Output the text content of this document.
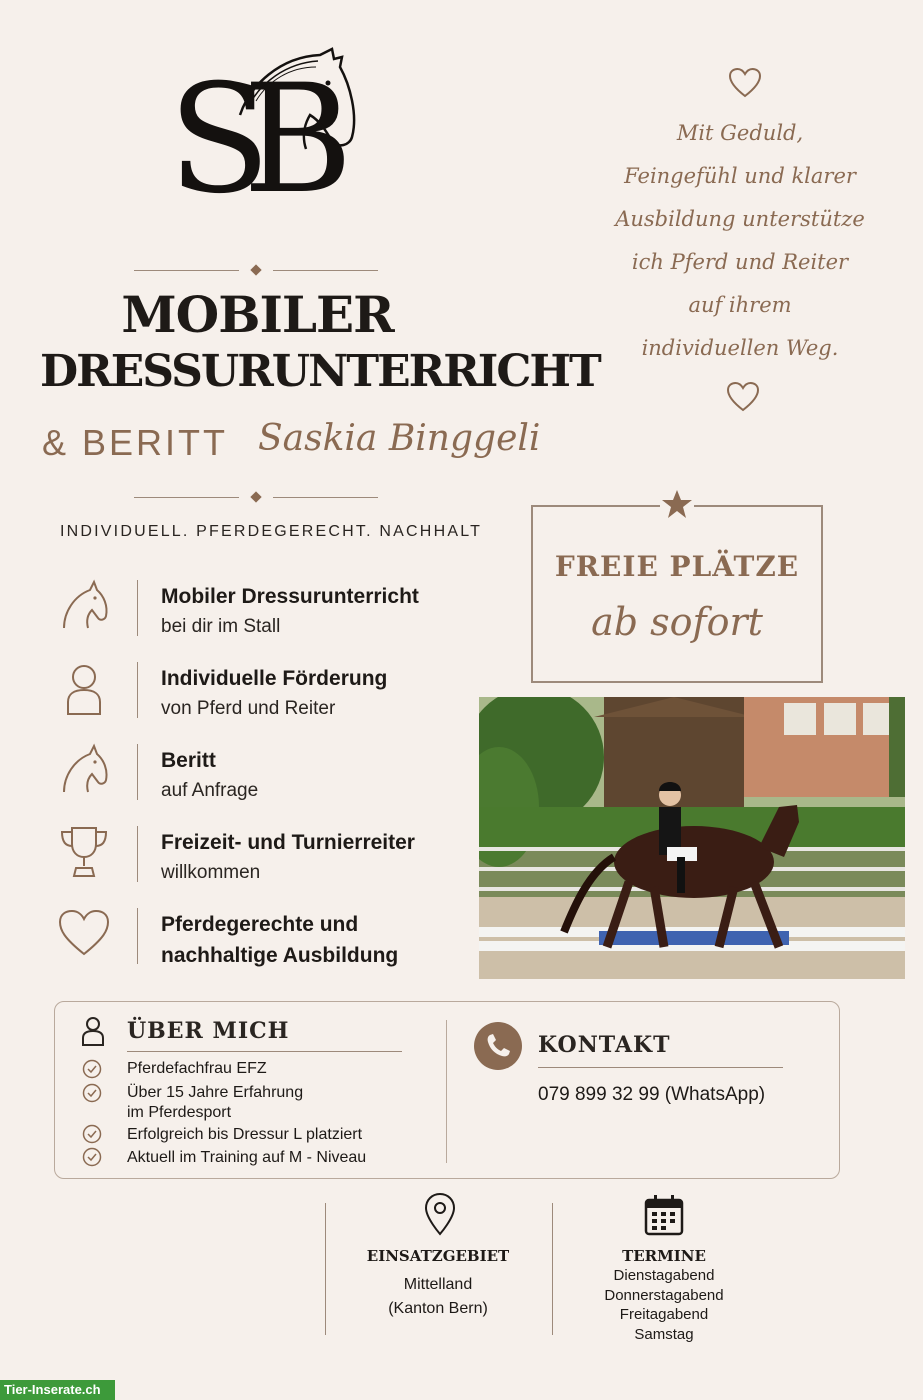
SB
MOBILER
DRESSURUNTERRICHT
& BERITT Saskia Binggeli
INDIVIDUELL. PFERDEGERECHT. NACHHALT
Mit Geduld,
Feingefühl und klarer
Ausbildung unterstütze
ich Pferd und Reiter
auf ihrem
individuellen Weg.
FREIE PLÄTZE
ab sofort
Mobiler Dressurunterricht
bei dir im Stall
Individuelle Förderung
von Pferd und Reiter
Beritt
auf Anfrage
Freizeit- und Turnierreiter
willkommen
Pferdegerechte und
nachhaltige Ausbildung
ÜBER MICH
Pferdefachfrau EFZ
Über 15 Jahre Erfahrung
im Pferdesport
Erfolgreich bis Dressur L platziert
Aktuell im Training auf M - Niveau
KONTAKT
079 899 32 99 (WhatsApp)
EINSATZGEBIET
Mittelland
(Kanton Bern)
TERMINE
Dienstagabend
Donnerstagabend
Freitagabend
Samstag
Tier-Inserate.ch
